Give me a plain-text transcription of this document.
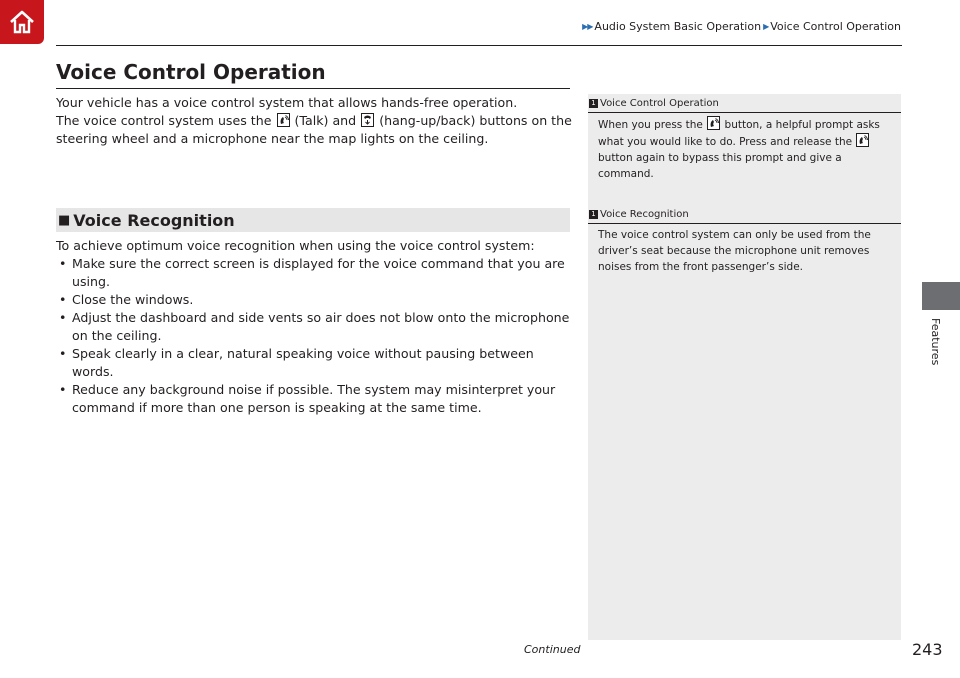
▶▶ Audio System Basic Operation ▶ Voice Control Operation
Voice Control Operation

Your vehicle has a voice control system that allows hands-free operation.

The voice control system uses the (Talk) and (hang-up/back) buttons on the steering wheel and a microphone near the map lights on the ceiling.

■ Voice Recognition
To achieve optimum voice recognition when using the voice control system:
• Make sure the correct screen is displayed for the voice command that you are using.
• Close the windows.
• Adjust the dashboard and side vents so air does not blow onto the microphone on the ceiling.
• Speak clearly in a clear, natural speaking voice without pausing between words.
• Reduce any background noise if possible. The system may misinterpret your command if more than one person is speaking at the same time.
1 Voice Control Operation
When you press the button, a helpful prompt asks what you would like to do. Press and release the
button again to bypass this prompt and give a command.
1 Voice Recognition
The voice control system can only be used from the driver’s seat because the microphone unit removes noises from the front passenger’s side.
Features
Continued	243
